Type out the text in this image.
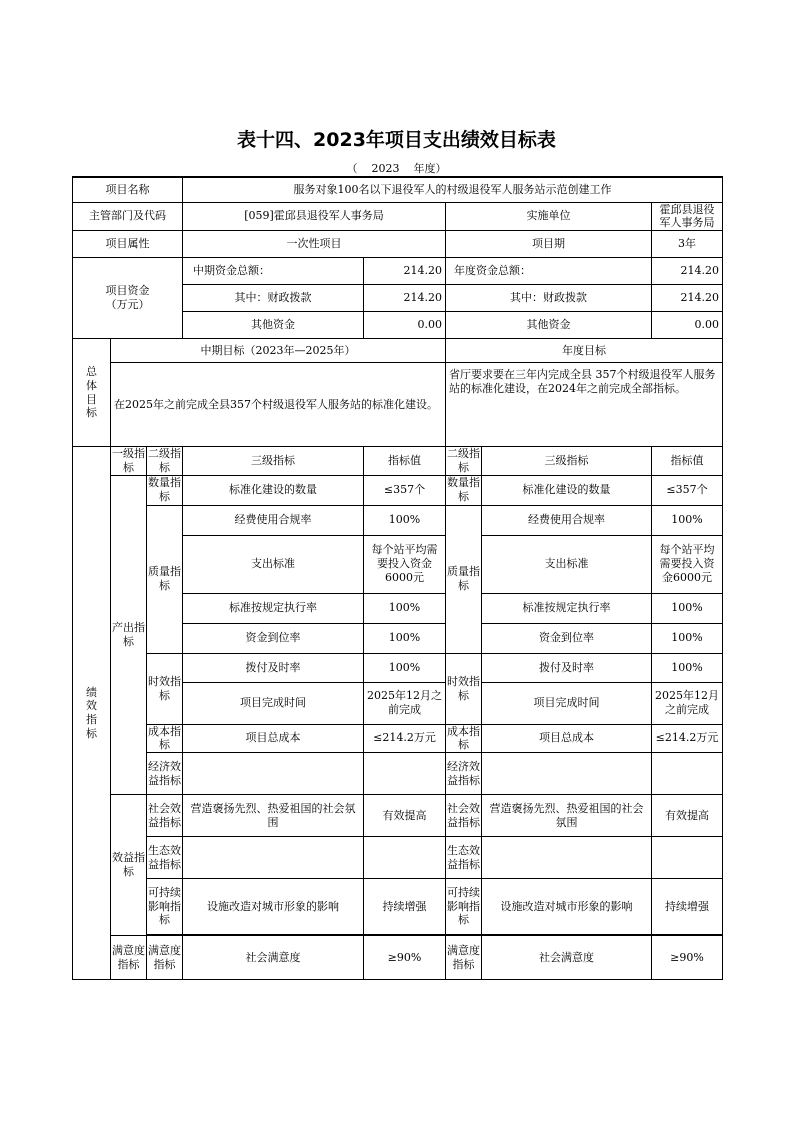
表十四、2023年项目支出绩效目标表
（ 2023 年度）
项目名称			服务对象100名以下退役军人的村级退役军人服务站示范创建工作				
主管部门及代码			[059]霍邱县退役军人事务局		实施单位		霍邱县退役军人事务局
项目属性			一次性项目		项目期		3年
项目资金（万元）			中期资金总额：	214.20	年度资金总额：		214.20
			其中：财政拨款	214.20	其中：财政拨款		214.20
			其他资金	0.00	其他资金		0.00
总体目标	中期目标（2023年—2025年）				年度目标		
	在2025年之前完成全县357个村级退役军人服务站的标准化建设。				省厅要求要在三年内完成全县 357个村级退役军人服务站的标准化建设，在2024年之前完成全部指标。		
绩效指标	一级指标	二级指标	三级指标	指标值	二级指标	三级指标	指标值
	产出指标	数量指标	标准化建设的数量	≤357个	数量指标	标准化建设的数量	≤357个
		质量指标	经费使用合规率	100%	质量指标	经费使用合规率	100%
			支出标准	每个站平均需要投入资金6000元		支出标准	每个站平均需要投入资金6000元
			标准按规定执行率	100%		标准按规定执行率	100%
			资金到位率	100%		资金到位率	100%
		时效指标	拨付及时率	100%	时效指标	拨付及时率	100%
			项目完成时间	2025年12月之前完成		项目完成时间	2025年12月之前完成
		成本指标	项目总成本	≤214.2万元	成本指标	项目总成本	≤214.2万元
		经济效益指标			经济效益指标		
	效益指标	社会效益指标	营造褒扬先烈、热爱祖国的社会氛围	有效提高	社会效益指标	营造褒扬先烈、热爱祖国的社会氛围	有效提高
		生态效益指标			生态效益指标		
		可持续影响指标	设施改造对城市形象的影响	持续增强	可持续影响指标	设施改造对城市形象的影响	持续增强

	满意度指标	满意度指标	社会满意度	≥90%	满意度指标	社会满意度	≥90%
